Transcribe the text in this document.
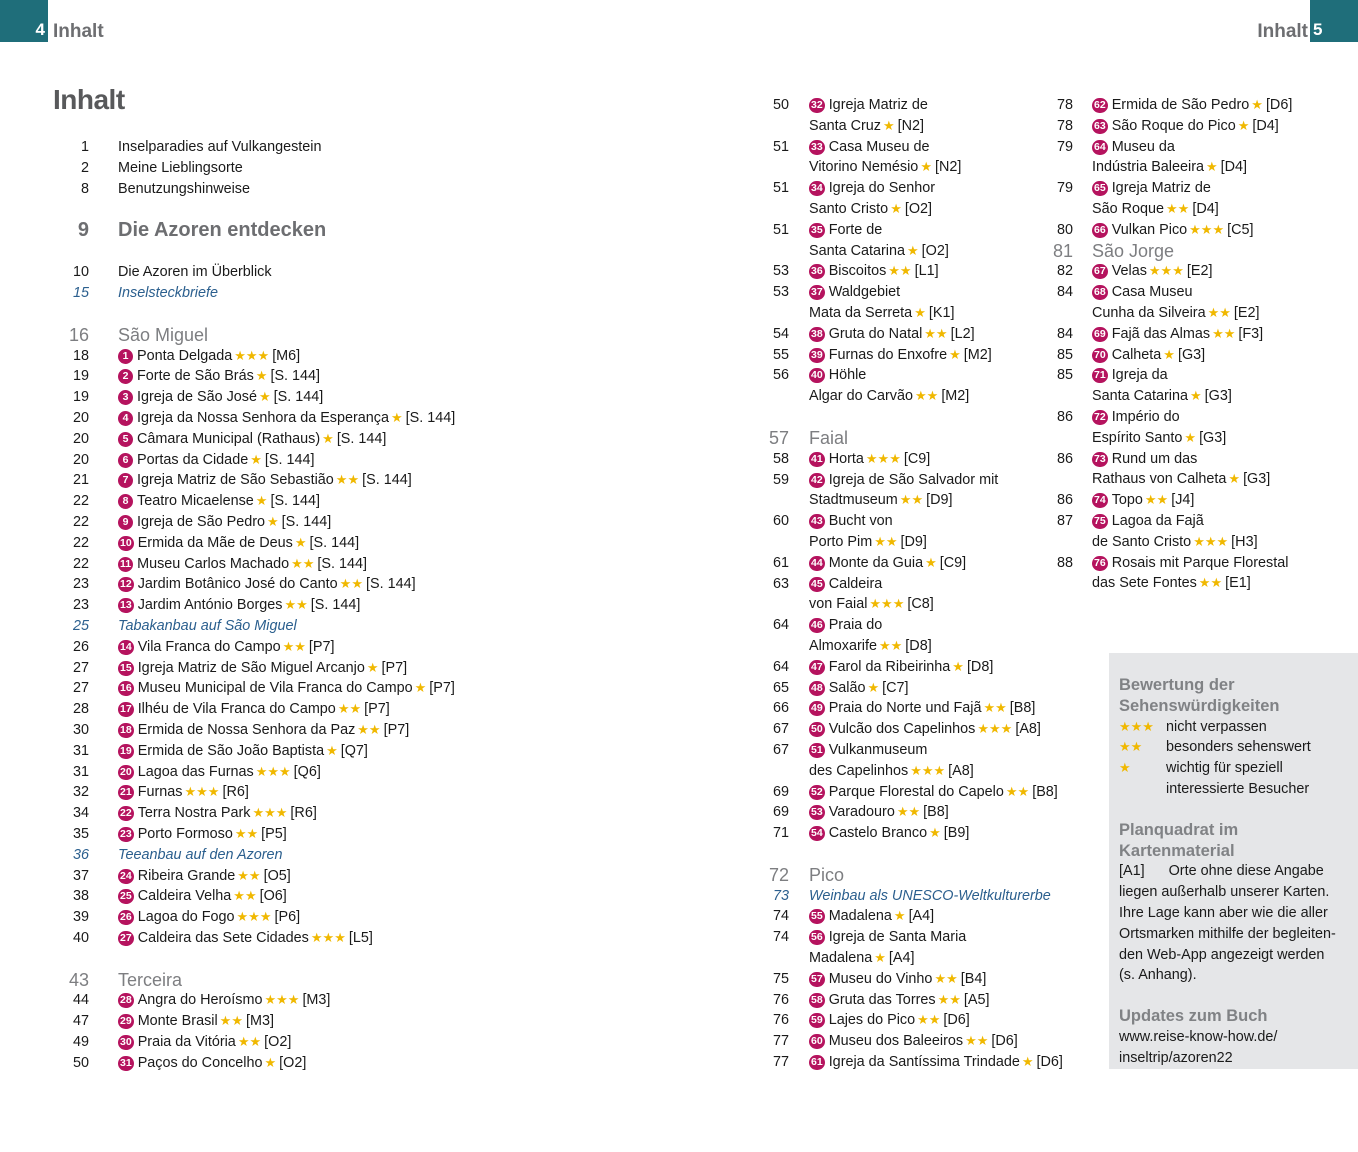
4 Inhalt	Inhalt 5
Inhalt
1 Inselparadies auf Vulkangestein
2 Meine Lieblingsorte
8 Benutzungshinweise
9 Die Azoren entdecken
10 Die Azoren im Überblick
15 Inselsteckbriefe
16 São Miguel
18	1 Ponta Delgada ★★★ [M6]
19	2 Forte de São Brás ★ [S. 144]
19	3 Igreja de São José ★ [S. 144]
20	4 Igreja da Nossa Senhora da Esperança ★ [S. 144]
20	5 Câmara Municipal (Rathaus) ★ [S. 144]
20	6 Portas da Cidade ★ [S. 144]
21	7 Igreja Matriz de São Sebastião ★★ [S. 144]
22	8 Teatro Micaelense ★ [S. 144]
22	9 Igreja de São Pedro ★ [S. 144]
22	10 Ermida da Mãe de Deus ★ [S. 144]
22	11 Museu Carlos Machado ★★ [S. 144]
23	12 Jardim Botânico José do Canto ★★ [S. 144]
23	13 Jardim António Borges ★★ [S. 144]
25 Tabakanbau auf São Miguel
26	14 Vila Franca do Campo ★★ [P7]
27	15 Igreja Matriz de São Miguel Arcanjo ★ [P7]
27	16 Museu Municipal de Vila Franca do Campo ★ [P7]
28	17 Ilhéu de Vila Franca do Campo ★★ [P7]
30	18 Ermida de Nossa Senhora da Paz ★★ [P7]
31	19 Ermida de São João Baptista ★ [Q7]
31	20 Lagoa das Furnas ★★★ [Q6]
32	21 Furnas ★★★ [R6]
34	22 Terra Nostra Park ★★★ [R6]
35	23 Porto Formoso ★★ [P5]
36 Teeanbau auf den Azoren
37	24 Ribeira Grande ★★ [O5]
38	25 Caldeira Velha ★★ [O6]
39	26 Lagoa do Fogo ★★★ [P6]
40	27 Caldeira das Sete Cidades ★★★ [L5]
43 Terceira
44	28 Angra do Heroísmo ★★★ [M3]
47	29 Monte Brasil ★★ [M3]
49	30 Praia da Vitória ★★ [O2]
50	31 Paços do Concelho ★ [O2]
50 32 Igreja Matriz de
Santa Cruz ★ [N2]
51 33 Casa Museu de
Vitorino Nemésio ★ [N2]
51 34 Igreja do Senhor
Santo Cristo ★ [O2]
51 35 Forte de
Santa Catarina ★ [O2]
53 36 Biscoitos ★★ [L1]
53 37 Waldgebiet
Mata da Serreta ★ [K1]
54 38 Gruta do Natal ★★ [L2]
55 39 Furnas do Enxofre ★ [M2]
56 40 Höhle
Algar do Carvão ★★ [M2]
57 Faial
58 41 Horta ★★★ [C9]
59 42 Igreja de São Salvador mit
Stadtmuseum ★★ [D9]
60 43 Bucht von
Porto Pim ★★ [D9]
61 44 Monte da Guia ★ [C9]
63 45 Caldeira
von Faial ★★★ [C8]
64 46 Praia do
Almoxarife ★★ [D8]
64 47 Farol da Ribeirinha ★ [D8]
65 48 Salão ★ [C7]
66 49 Praia do Norte und Fajã ★★ [B8]
67 50 Vulcão dos Capelinhos ★★★ [A8]
67 51 Vulkanmuseum
des Capelinhos ★★★ [A8]
69 52 Parque Florestal do Capelo ★★ [B8]
69 53 Varadouro ★★ [B8]
71 54 Castelo Branco ★ [B9]
72 Pico
73 Weinbau als UNESCO-Weltkulturerbe
74 55 Madalena ★ [A4]
74 56 Igreja de Santa Maria
Madalena ★ [A4]
75 57 Museu do Vinho ★★ [B4]
76 58 Gruta das Torres ★★ [A5]
76 59 Lajes do Pico ★★ [D6]
77 60 Museu dos Baleeiros ★★ [D6]
77 61 Igreja da Santíssima Trindade ★ [D6]
78 62 Ermida de São Pedro ★ [D6]
78 63 São Roque do Pico ★ [D4]
79 64 Museu da
Indústria Baleeira ★ [D4]
79 65 Igreja Matriz de
São Roque ★★ [D4]
80 66 Vulkan Pico ★★★ [C5]
81 São Jorge
82 67 Velas ★★★ [E2]
84 68 Casa Museu
Cunha da Silveira ★★ [E2]
84 69 Fajã das Almas ★★ [F3]
85 70 Calheta ★ [G3]
85 71 Igreja da
Santa Catarina ★ [G3]
86 72 Império do
Espírito Santo ★ [G3]
86 73 Rund um das
Rathaus von Calheta ★ [G3]
86 74 Topo ★★ [J4]
87 75 Lagoa da Fajã
de Santo Cristo ★★★ [H3]
88 76 Rosais mit Parque Florestal
das Sete Fontes ★★ [E1]
Bewertung der
Sehenswürdigkeiten
★★★ nicht verpassen
★★ besonders sehenswert
★ wichtig für speziell
interessierte Besucher
Planquadrat im Kartenmaterial
[A1]      Orte ohne diese Angabe
liegen außerhalb unserer Karten.
Ihre Lage kann aber wie die aller
Ortsmarken mithilfe der begleiten-
den Web-App angezeigt werden
(s. Anhang).
Updates zum Buch
www.reise-know-how.de/
inseltrip/azoren22
